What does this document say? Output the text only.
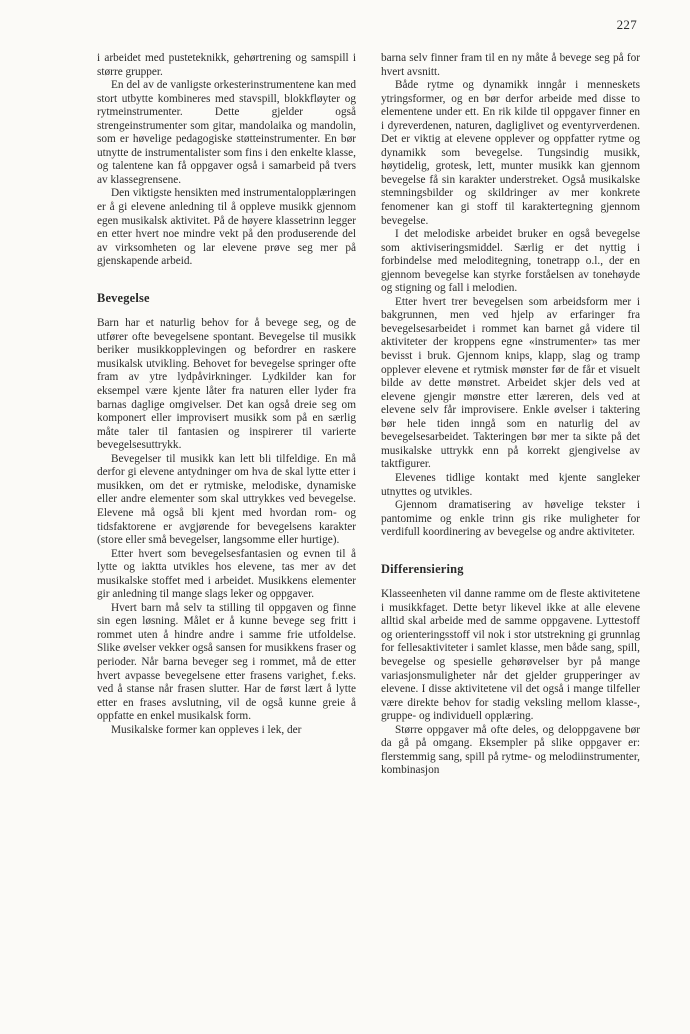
227

i arbeidet med pusteteknikk, gehørtrening og samspill i større grupper.

En del av de vanligste orkesterinstrumentene kan med stort utbytte kombineres med stavspill, blokkfløyter og rytmeinstrumenter. Dette gjelder også strengeinstrumenter som gitar, mandolaika og mandolin, som er høvelige pedagogiske støtteinstrumenter. En bør utnytte de instrumentalister som fins i den enkelte klasse, og talentene kan få oppgaver også i samarbeid på tvers av klassegrensene.

Den viktigste hensikten med instrumentalopplæringen er å gi elevene anledning til å oppleve musikk gjennom egen musikalsk aktivitet. På de høyere klassetrinn legger en etter hvert noe mindre vekt på den produserende del av virksomheten og lar elevene prøve seg mer på gjenskapende arbeid.

Bevegelse

Barn har et naturlig behov for å bevege seg, og de utfører ofte bevegelsene spontant. Bevegelse til musikk beriker musikkopplevingen og befordrer en raskere musikalsk utvikling. Behovet for bevegelse springer ofte fram av ytre lydpåvirkninger. Lydkilder kan for eksempel være kjente låter fra naturen eller lyder fra barnas daglige omgivelser. Det kan også dreie seg om komponert eller improvisert musikk som på en særlig måte taler til fantasien og inspirerer til varierte bevegelsesuttrykk.

Bevegelser til musikk kan lett bli tilfeldige. En må derfor gi elevene antydninger om hva de skal lytte etter i musikken, om det er rytmiske, melodiske, dynamiske eller andre elementer som skal uttrykkes ved bevegelse. Elevene må også bli kjent med hvordan rom- og tidsfaktorene er avgjørende for bevegelsens karakter (store eller små bevegelser, langsomme eller hurtige).

Etter hvert som bevegelsesfantasien og evnen til å lytte og iaktta utvikles hos elevene, tas mer av det musikalske stoffet med i arbeidet. Musikkens elementer gir anledning til mange slags leker og oppgaver.

Hvert barn må selv ta stilling til oppgaven og finne sin egen løsning. Målet er å kunne bevege seg fritt i rommet uten å hindre andre i samme frie utfoldelse. Slike øvelser vekker også sansen for musikkens fraser og perioder. Når barna beveger seg i rommet, må de etter hvert avpasse bevegelsene etter frasens varighet, f.eks. ved å stanse når frasen slutter. Har de først lært å lytte etter en frases avslutning, vil de også kunne greie å oppfatte en enkel musikalsk form.

Musikalske former kan oppleves i lek, der

barna selv finner fram til en ny måte å bevege seg på for hvert avsnitt.

Både rytme og dynamikk inngår i menneskets ytringsformer, og en bør derfor arbeide med disse to elementene under ett. En rik kilde til oppgaver finner en i dyreverdenen, naturen, dagliglivet og eventyrverdenen. Det er viktig at elevene opplever og oppfatter rytme og dynamikk som bevegelse. Tungsindig musikk, høytidelig, grotesk, lett, munter musikk kan gjennom bevegelse få sin karakter understreket. Også musikalske stemningsbilder og skildringer av mer konkrete fenomener kan gi stoff til karaktertegning gjennom bevegelse.

I det melodiske arbeidet bruker en også bevegelse som aktiviseringsmiddel. Særlig er det nyttig i forbindelse med meloditegning, tonetrapp o.l., der en gjennom bevegelse kan styrke forståelsen av tonehøyde og stigning og fall i melodien.

Etter hvert trer bevegelsen som arbeidsform mer i bakgrunnen, men ved hjelp av erfaringer fra bevegelsesarbeidet i rommet kan barnet gå videre til aktiviteter der kroppens egne «instrumenter» tas mer bevisst i bruk. Gjennom knips, klapp, slag og tramp opplever elevene et rytmisk mønster før de får et visuelt bilde av dette mønstret. Arbeidet skjer dels ved at elevene gjengir mønstre etter læreren, dels ved at elevene selv får improvisere. Enkle øvelser i taktering bør hele tiden inngå som en naturlig del av bevegelsesarbeidet. Takteringen bør mer ta sikte på det musikalske uttrykk enn på korrekt gjengivelse av taktfigurer.

Elevenes tidlige kontakt med kjente sangleker utnyttes og utvikles.

Gjennom dramatisering av høvelige tekster i pantomime og enkle trinn gis rike muligheter for verdifull koordinering av bevegelse og andre aktiviteter.

Differensiering

Klasseenheten vil danne ramme om de fleste aktivitetene i musikkfaget. Dette betyr likevel ikke at alle elevene alltid skal arbeide med de samme oppgavene. Lyttestoff og orienteringsstoff vil nok i stor utstrekning gi grunnlag for fellesaktiviteter i samlet klasse, men både sang, spill, bevegelse og spesielle gehørøvelser byr på mange variasjonsmuligheter når det gjelder grupperinger av elevene. I disse aktivitetene vil det også i mange tilfeller være direkte behov for stadig veksling mellom klasse-, gruppe- og individuell opplæring.

Større oppgaver må ofte deles, og deloppgavene bør da gå på omgang. Eksempler på slike oppgaver er: flerstemmig sang, spill på rytme- og melodiinstrumenter, kombinasjon
